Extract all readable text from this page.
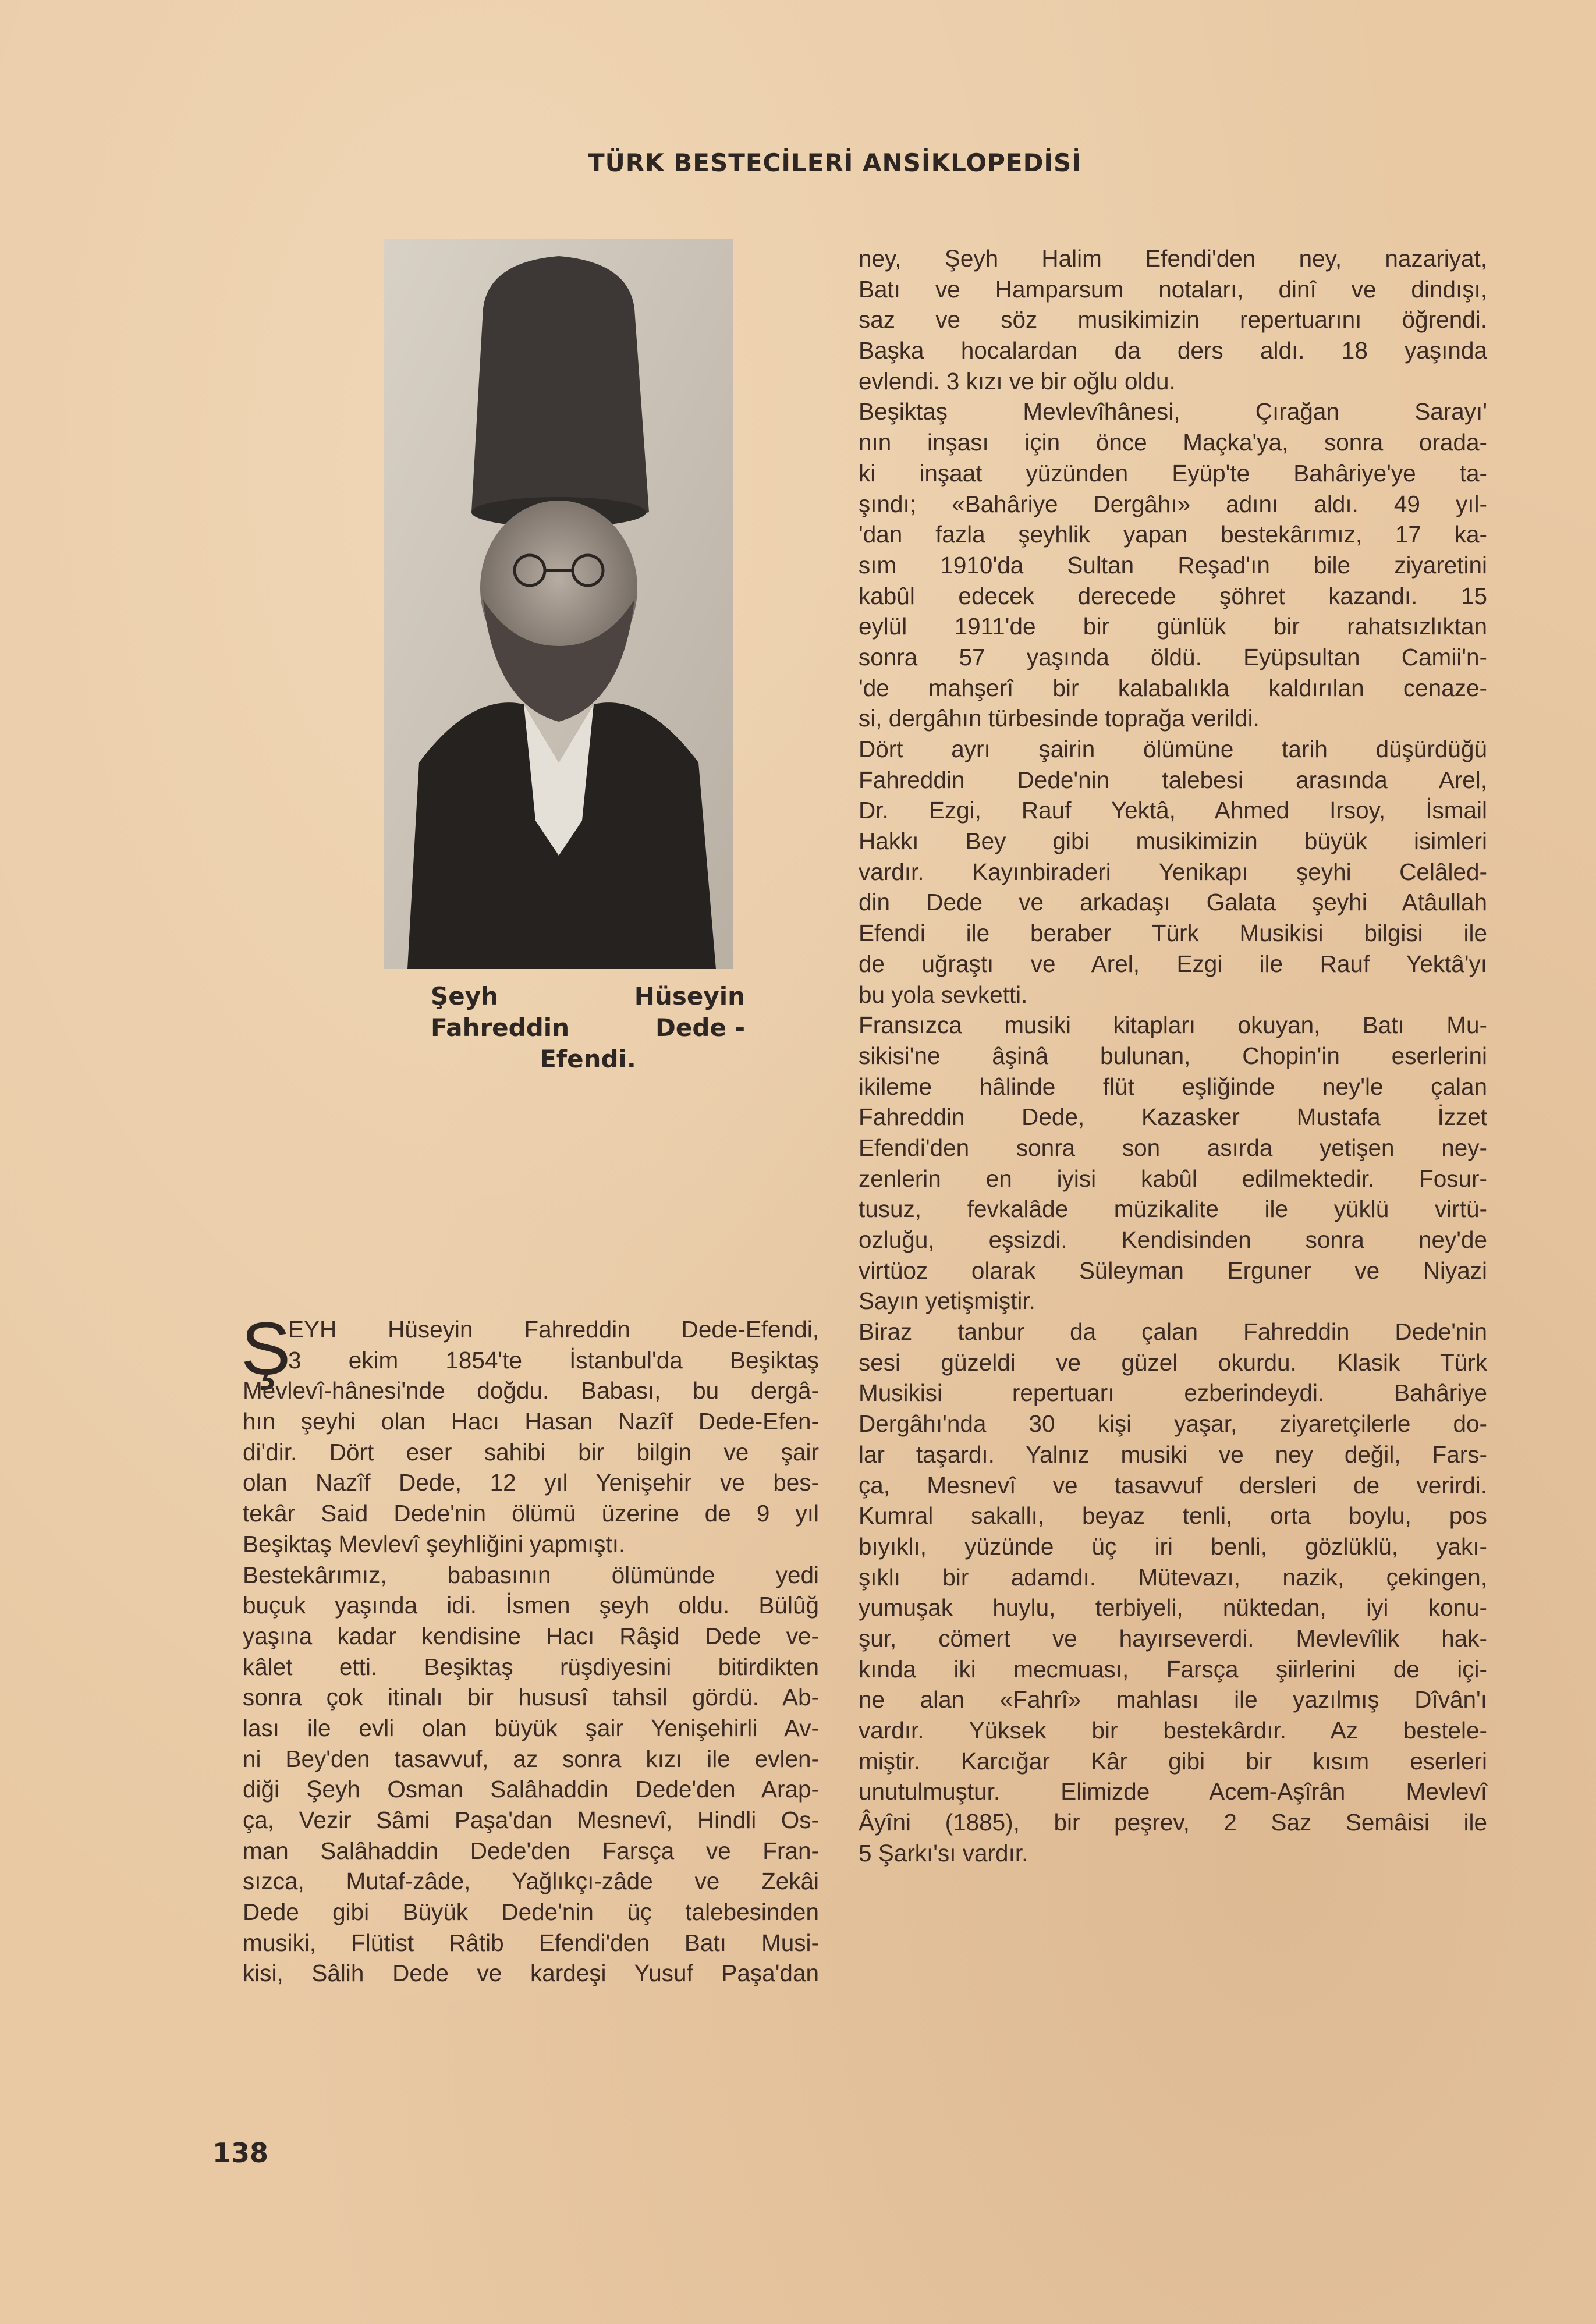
TÜRK BESTECİLERİ ANSİKLOPEDİSİ
Şeyh	Hüseyin
Fahreddin	Dede -
Efendi.
Ş
EYH Hüseyin Fahreddin Dede-Efendi,
3 ekim 1854'te İstanbul'da Beşiktaş
Mevlevî-hânesi'nde doğdu. Babası, bu dergâ-
hın şeyhi olan Hacı Hasan Nazîf Dede-Efen-
di'dir. Dört eser sahibi bir bilgin ve şair
olan Nazîf Dede, 12 yıl Yenişehir ve bes-
tekâr Said Dede'nin ölümü üzerine de 9 yıl
Beşiktaş Mevlevî şeyhliğini yapmıştı.
Bestekârımız, babasının ölümünde yedi
buçuk yaşında idi. İsmen şeyh oldu. Bülûğ
yaşına kadar kendisine Hacı Râşid Dede ve-
kâlet etti. Beşiktaş rüşdiyesini bitirdikten
sonra çok itinalı bir hususî tahsil gördü. Ab-
lası ile evli olan büyük şair Yenişehirli Av-
ni Bey'den tasavvuf, az sonra kızı ile evlen-
diği Şeyh Osman Salâhaddin Dede'den Arap-
ça, Vezir Sâmi Paşa'dan Mesnevî, Hindli Os-
man Salâhaddin Dede'den Farsça ve Fran-
sızca, Mutaf-zâde, Yağlıkçı-zâde ve Zekâi
Dede gibi Büyük Dede'nin üç talebesinden
musiki, Flütist Râtib Efendi'den Batı Musi-
kisi, Sâlih Dede ve kardeşi Yusuf Paşa'dan
ney, Şeyh Halim Efendi'den ney, nazariyat,
Batı ve Hamparsum notaları, dinî ve dindışı,
saz ve söz musikimizin repertuarını öğrendi.
Başka hocalardan da ders aldı. 18 yaşında
evlendi. 3 kızı ve bir oğlu oldu.
Beşiktaş Mevlevîhânesi, Çırağan Sarayı'
nın inşası için önce Maçka'ya, sonra orada-
ki inşaat yüzünden Eyüp'te Bahâriye'ye ta-
şındı; «Bahâriye Dergâhı» adını aldı. 49 yıl-
'dan fazla şeyhlik yapan bestekârımız, 17 ka-
sım 1910'da Sultan Reşad'ın bile ziyaretini
kabûl edecek derecede şöhret kazandı. 15
eylül 1911'de bir günlük bir rahatsızlıktan
sonra 57 yaşında öldü. Eyüpsultan Camii'n-
'de mahşerî bir kalabalıkla kaldırılan cenaze-
si, dergâhın türbesinde toprağa verildi.
Dört ayrı şairin ölümüne tarih düşürdüğü
Fahreddin Dede'nin talebesi arasında Arel,
Dr. Ezgi, Rauf Yektâ, Ahmed Irsoy, İsmail
Hakkı Bey gibi musikimizin büyük isimleri
vardır. Kayınbiraderi Yenikapı şeyhi Celâled-
din Dede ve arkadaşı Galata şeyhi Atâullah
Efendi ile beraber Türk Musikisi bilgisi ile
de uğraştı ve Arel, Ezgi ile Rauf Yektâ'yı
bu yola sevketti.
Fransızca musiki kitapları okuyan, Batı Mu-
sikisi'ne âşinâ bulunan, Chopin'in eserlerini
ikileme hâlinde flüt eşliğinde ney'le çalan
Fahreddin Dede, Kazasker Mustafa İzzet
Efendi'den sonra son asırda yetişen ney-
zenlerin en iyisi kabûl edilmektedir. Fosur-
tusuz, fevkalâde müzikalite ile yüklü virtü-
ozluğu, eşsizdi. Kendisinden sonra ney'de
virtüoz olarak Süleyman Erguner ve Niyazi
Sayın yetişmiştir.
Biraz tanbur da çalan Fahreddin Dede'nin
sesi güzeldi ve güzel okurdu. Klasik Türk
Musikisi repertuarı ezberindeydi. Bahâriye
Dergâhı'nda 30 kişi yaşar, ziyaretçilerle do-
lar taşardı. Yalnız musiki ve ney değil, Fars-
ça, Mesnevî ve tasavvuf dersleri de verirdi.
Kumral sakallı, beyaz tenli, orta boylu, pos
bıyıklı, yüzünde üç iri benli, gözlüklü, yakı-
şıklı bir adamdı. Mütevazı, nazik, çekingen,
yumuşak huylu, terbiyeli, nüktedan, iyi konu-
şur, cömert ve hayırseverdi. Mevlevîlik hak-
kında iki mecmuası, Farsça şiirlerini de içi-
ne alan «Fahrî» mahlası ile yazılmış Dîvân'ı
vardır. Yüksek bir bestekârdır. Az bestele-
miştir. Karcığar Kâr gibi bir kısım eserleri
unutulmuştur. Elimizde Acem-Aşîrân Mevlevî
Âyîni (1885), bir peşrev, 2 Saz Semâisi ile
5 Şarkı'sı vardır.
138
